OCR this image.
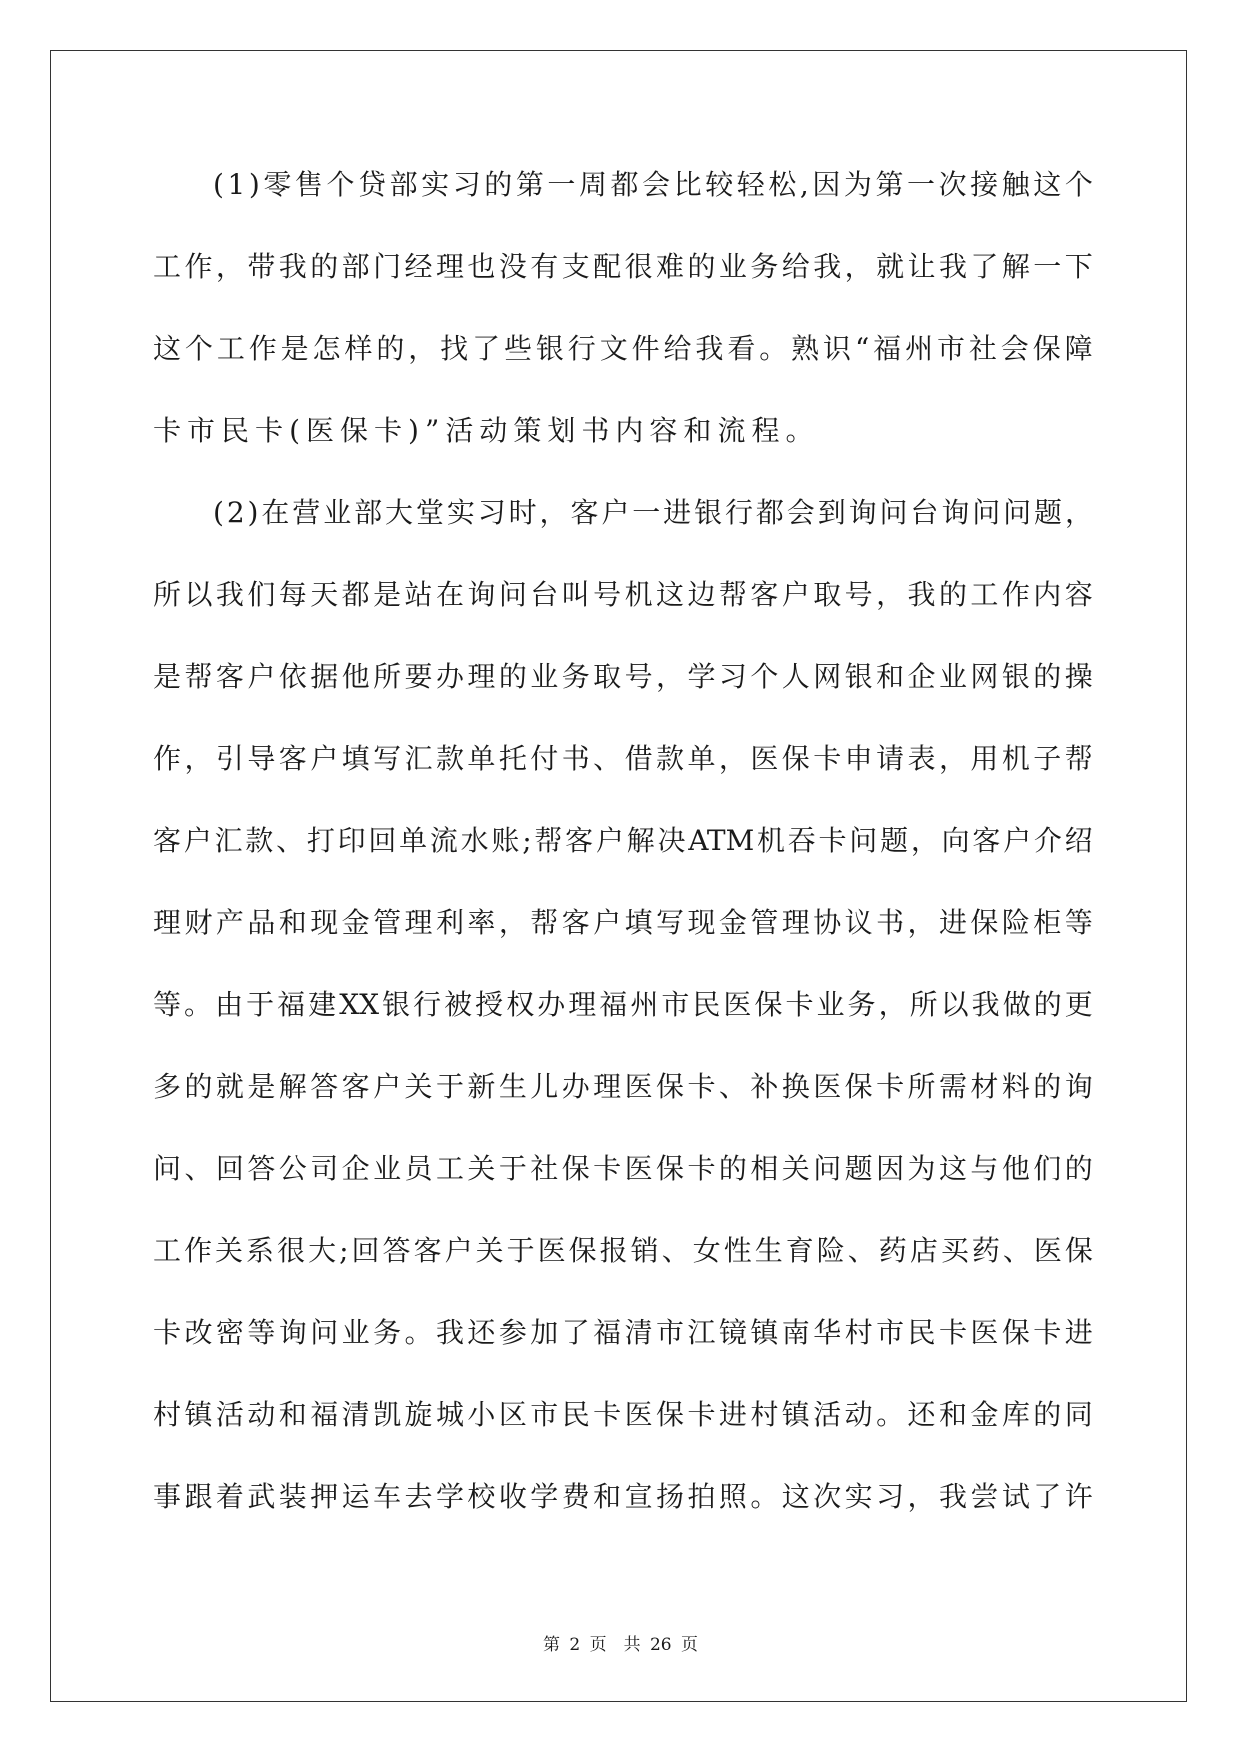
( 1 ) 零 售 个 贷 部 实 习 的 第 一 周 都 会 比 较 轻 松 , 因 为 第 一 次 接 触 这 个
工 作 ， 带 我 的 部 门 经 理 也 没 有 支 配 很 难 的 业 务 给 我 ， 就 让 我 了 解 一 下
这 个 工 作 是 怎 样 的 ， 找 了 些 银 行 文 件 给 我 看 。 熟 识 “ 福 州 市 社 会 保 障
卡 市 民 卡 ( 医 保 卡 ) ” 活 动 策 划 书 内 容 和 流 程 。
( 2 ) 在 营 业 部 大 堂 实 习 时 ， 客 户 一 进 银 行 都 会 到 询 问 台 询 问 问 题 ，
所 以 我 们 每 天 都 是 站 在 询 问 台 叫 号 机 这 边 帮 客 户 取 号 ， 我 的 工 作 内 容
是 帮 客 户 依 据 他 所 要 办 理 的 业 务 取 号 ， 学 习 个 人 网 银 和 企 业 网 银 的 操
作 ， 引 导 客 户 填 写 汇 款 单 托 付 书 、 借 款 单 ， 医 保 卡 申 请 表 ， 用 机 子 帮
客 户 汇 款 、 打 印 回 单 流 水 账 ; 帮 客 户 解 决 ATM 机 吞 卡 问 题 ， 向 客 户 介 绍
理 财 产 品 和 现 金 管 理 利 率 ， 帮 客 户 填 写 现 金 管 理 协 议 书 ， 进 保 险 柜 等
等 。 由 于 福 建 XX 银 行 被 授 权 办 理 福 州 市 民 医 保 卡 业 务 ， 所 以 我 做 的 更
多 的 就 是 解 答 客 户 关 于 新 生 儿 办 理 医 保 卡 、 补 换 医 保 卡 所 需 材 料 的 询
问 、 回 答 公 司 企 业 员 工 关 于 社 保 卡 医 保 卡 的 相 关 问 题 因 为 这 与 他 们 的
工 作 关 系 很 大 ; 回 答 客 户 关 于 医 保 报 销 、 女 性 生 育 险 、 药 店 买 药 、 医 保
卡 改 密 等 询 问 业 务 。 我 还 参 加 了 福 清 市 江 镜 镇 南 华 村 市 民 卡 医 保 卡 进
村 镇 活 动 和 福 清 凯 旋 城 小 区 市 民 卡 医 保 卡 进 村 镇 活 动 。 还 和 金 库 的 同
事 跟 着 武 装 押 运 车 去 学 校 收 学 费 和 宣 扬 拍 照 。 这 次 实 习 ， 我 尝 试 了 许
第 2 页　共 26 页
